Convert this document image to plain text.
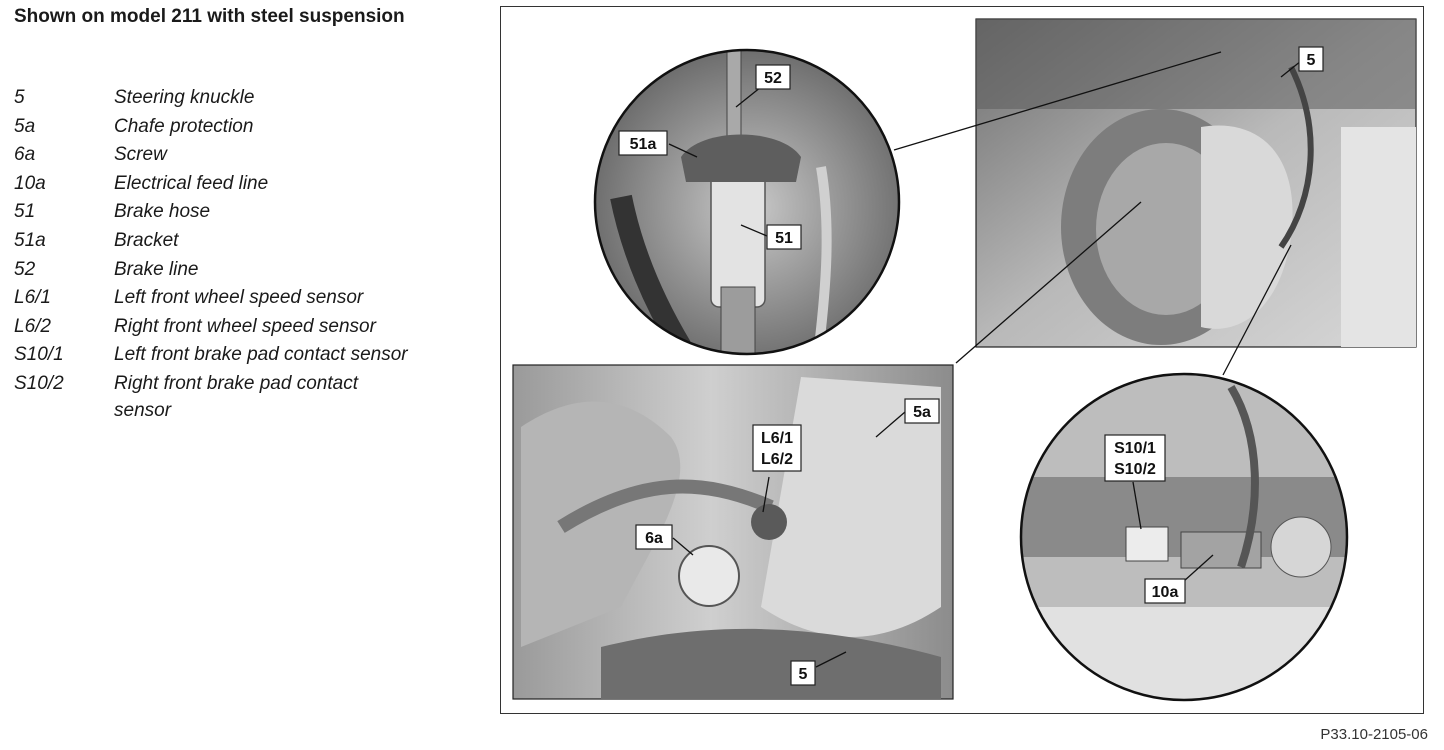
Shown on model 211 with steel suspension
5	Steering knuckle
5a	Chafe protection
6a	Screw
10a	Electrical feed line
51	Brake hose
51a	Bracket
52	Brake line
L6/1	Left front wheel speed sensor
L6/2	Right front wheel speed sensor
S10/1	Left front brake pad contact sensor
S10/2	Right front brake pad contact sensor
52
51a
51
5
5a
L6/1
L6/2
6a
5
S10/1
S10/2
10a
P33.10-2105-06
